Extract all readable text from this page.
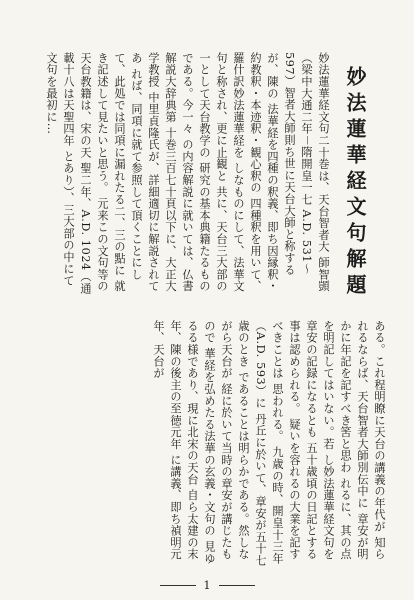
妙法蓮華経文句解題
妙法蓮華経文句二十巻は、天台智者大 師智顗（梁中大通二年－隋開皇一七 A.D. 531～597）智者大師則ち世に天台大師と称するが、陳の 法華経を四種の釈義、即ち因縁釈・約教釈・本迹釈・観心釈の 四種釈を用いて、羅什訳妙法蓮華経を しなものにして、法華文句と称され、更に止観と 共に、天台三大部の一として天台教学の 研究の基本典籍たるものである。今一々 の内容解説に就いては、仏書解説大辞典第 十巻三百七十頁以下に、大正大学教授 中里貞隆氏が、詳細適切に解説されてあ れば、同項に就て参照して頂くことにし て、此処では同項に漏れたる二、三の點に 就き記述して見たいと思う。 元来この文句等の天台教籍は、宋の天 聖二年、A.D. 1024（通載十八は天聖四年 とあり）、三大部の中にて文句を最初に…
ある。これ程明瞭に天台の講義の年代が 知られるならば、天台智者大師別伝中に 章安が明かに年記を記すべき筈と思わ れるに、其の点を明記してはいない。若 し妙法蓮華経文句を章安の記録になるとも 五十歳頃の日記とする事は認められる。 疑いを容れるの大業を記すべきことは 思われる。 九歳の時、開皇十三年（A.D. 593）に 丹丘に於いて、章安が五十七歳のとき であることは明らかである。然しながら天台が 経に於いて当時の章安が講じたもので 華経を弘めたる法華の玄義・文句の 見ゆるる様であり、現に北宋の天台 自ら太建の末年、陳の後主の至徳元年 に講義、即ち禎明元年、天台が
1
